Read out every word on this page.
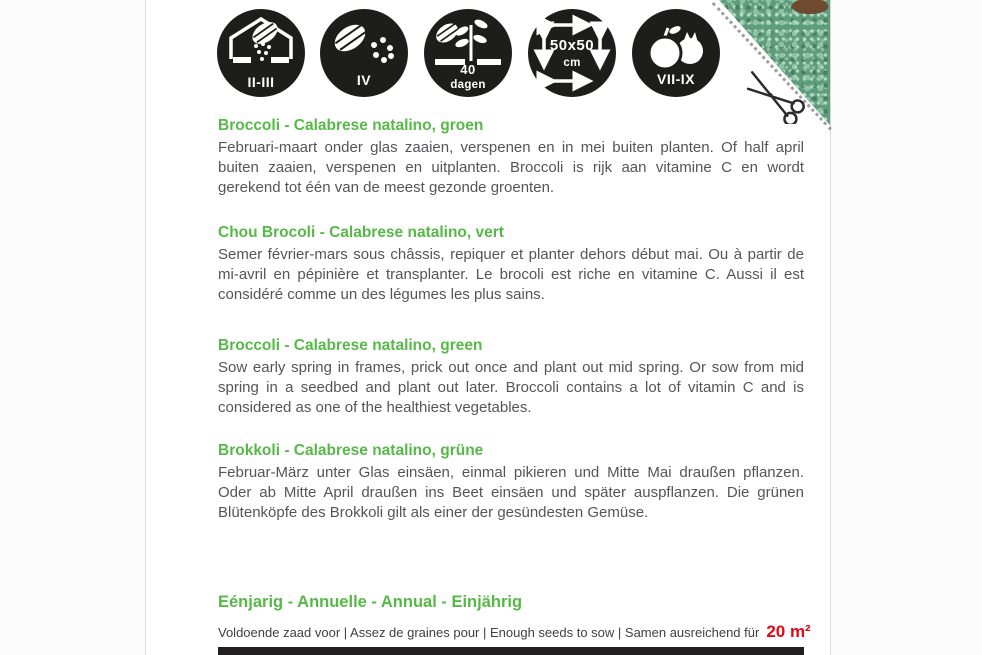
II-III	IV
40
dagen
50x50
cm
VII-IX
Broccoli - Calabrese natalino, groen

Februari-maart onder glas zaaien, verspenen en in mei buiten planten. Of half april buiten zaaien, verspenen en uitplanten. Broccoli is rijk aan vitamine C en wordt gerekend tot één van de meest gezonde groenten.

Chou Brocoli - Calabrese natalino, vert

Semer février-mars sous châssis, repiquer et planter dehors début mai. Ou à partir de mi-avril en pépinière et transplanter. Le brocoli est riche en vitamine C. Aussi il est considéré comme un des légumes les plus sains.

Broccoli - Calabrese natalino, green

Sow early spring in frames, prick out once and plant out mid spring. Or sow from mid spring in a seedbed and plant out later. Broccoli contains a lot of vitamin C and is considered as one of the healthiest vegetables.

Brokkoli - Calabrese natalino, grüne

Februar-März unter Glas einsäen, einmal pikieren und Mitte Mai draußen pflanzen. Oder ab Mitte April draußen ins Beet einsäen und später auspflanzen. Die grünen Blütenköpfe des Brokkoli gilt als einer der gesündesten Gemüse.

Eénjarig - Annuelle - Annual - Einjährig
Voldoende zaad voor | Assez de graines pour | Enough seeds to sow | Samen ausreichend für 20 m²
